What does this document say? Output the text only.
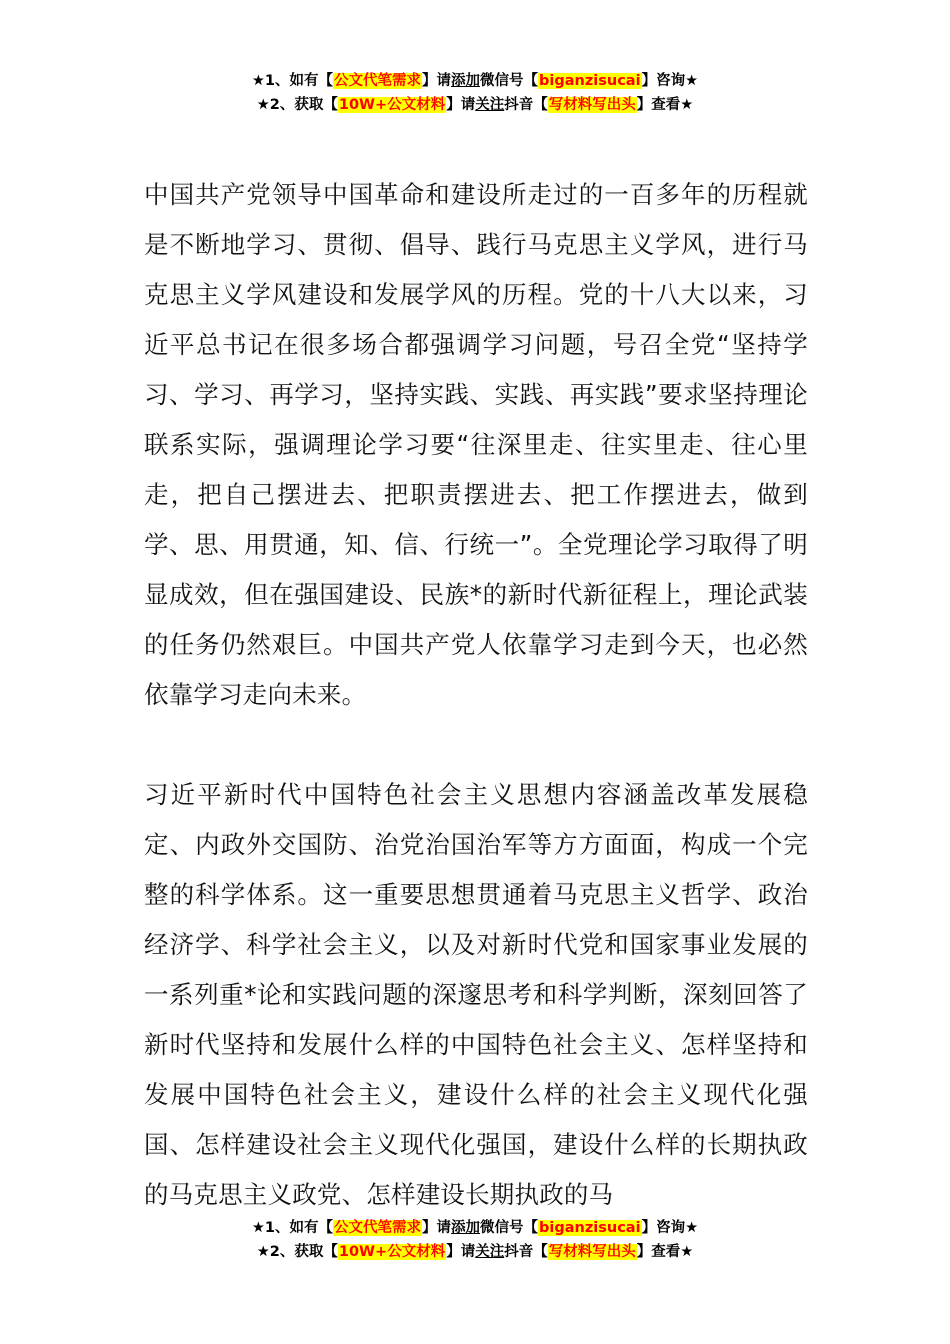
★1、如有【公文代笔需求】请添加微信号【biganzisucai】咨询★
★2、获取【10W+公文材料】请关注抖音【写材料写出头】查看★

中国共产党领导中国革命和建设所走过的一百多年的历程就是不断地学习、贯彻、倡导、践行马克思主义学风，进行马克思主义学风建设和发展学风的历程。党的十八大以来，习近平总书记在很多场合都强调学习问题，号召全党“坚持学习、学习、再学习，坚持实践、实践、再实践”要求坚持理论联系实际，强调理论学习要“往深里走、往实里走、往心里走，把自己摆进去、把职责摆进去、把工作摆进去，做到学、思、用贯通，知、信、行统一”。全党理论学习取得了明显成效，但在强国建设、民族*的新时代新征程上，理论武装的任务仍然艰巨。中国共产党人依靠学习走到今天，也必然依靠学习走向未来。

习近平新时代中国特色社会主义思想内容涵盖改革发展稳定、内政外交国防、治党治国治军等方方面面，构成一个完整的科学体系。这一重要思想贯通着马克思主义哲学、政治经济学、科学社会主义，以及对新时代党和国家事业发展的一系列重*论和实践问题的深邃思考和科学判断，深刻回答了新时代坚持和发展什么样的中国特色社会主义、怎样坚持和发展中国特色社会主义，建设什么样的社会主义现代化强国、怎样建设社会主义现代化强国，建设什么样的长期执政的马克思主义政党、怎样建设长期执政的马

★1、如有【公文代笔需求】请添加微信号【biganzisucai】咨询★
★2、获取【10W+公文材料】请关注抖音【写材料写出头】查看★
